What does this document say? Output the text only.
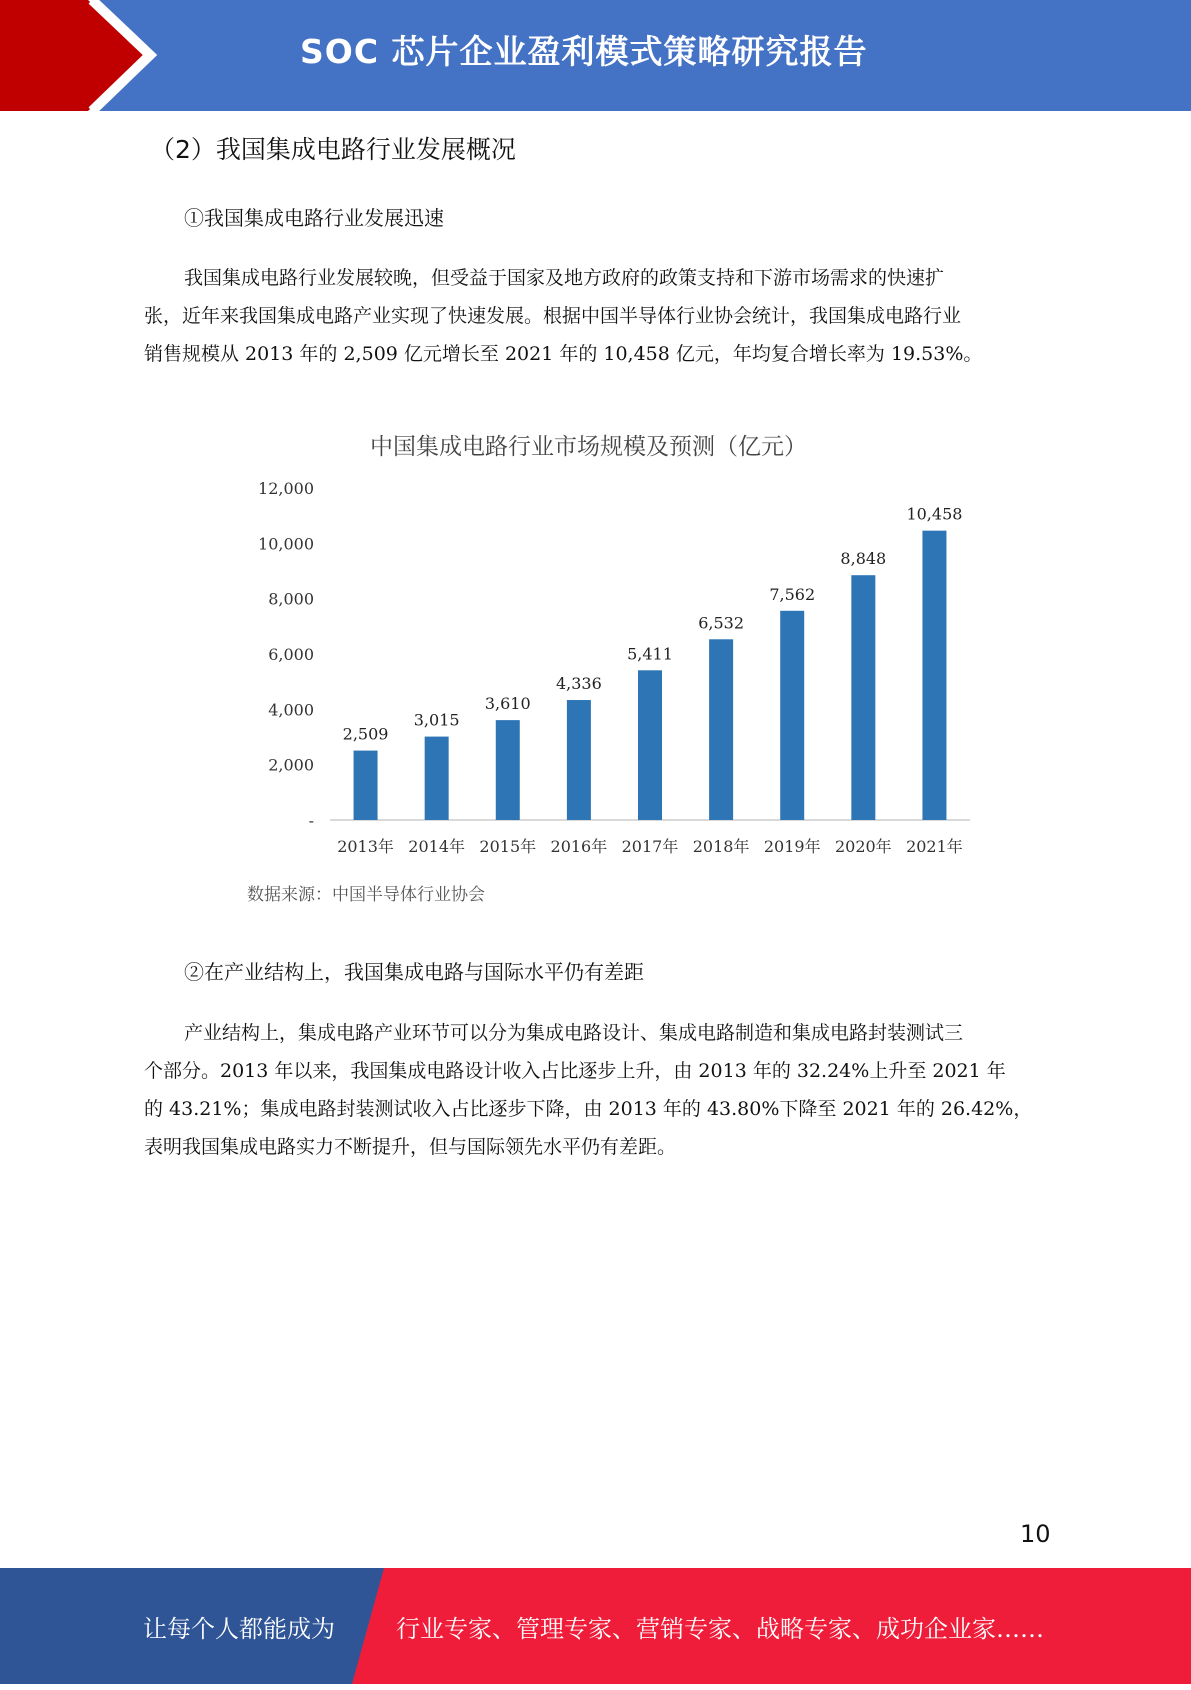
SOC 芯片企业盈利模式策略研究报告
（2）我国集成电路行业发展概况
①我国集成电路行业发展迅速
我国集成电路行业发展较晚，但受益于国家及地方政府的政策支持和下游市场需求的快速扩
张，近年来我国集成电路产业实现了快速发展。根据中国半导体行业协会统计，我国集成电路行业
销售规模从 2013 年的 2,509 亿元增长至 2021 年的 10,458 亿元，年均复合增长率为 19.53%。
中国集成电路行业市场规模及预测（亿元）
-
2,000
4,000
6,000
8,000
10,000
12,000
2,509
2013年
3,015
2014年
3,610
2015年
4,336
2016年
5,411
2017年
6,532
2018年
7,562
2019年
8,848
2020年
10,458
2021年
数据来源：中国半导体行业协会
②在产业结构上，我国集成电路与国际水平仍有差距
产业结构上，集成电路产业环节可以分为集成电路设计、集成电路制造和集成电路封装测试三
个部分。2013 年以来，我国集成电路设计收入占比逐步上升，由 2013 年的 32.24%上升至 2021 年
的 43.21%；集成电路封装测试收入占比逐步下降，由 2013 年的 43.80%下降至 2021 年的 26.42%，
表明我国集成电路实力不断提升，但与国际领先水平仍有差距。
10
让每个人都能成为	行业专家、管理专家、营销专家、战略专家、成功企业家……
